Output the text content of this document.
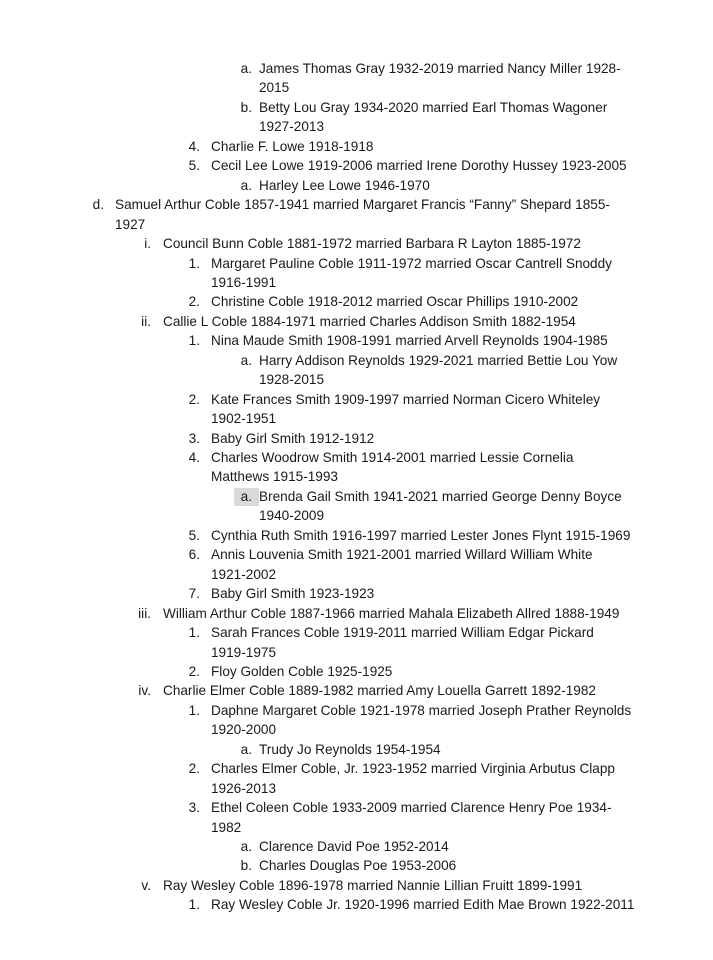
a. James Thomas Gray 1932-2019 married Nancy Miller 1928-
2015
b. Betty Lou Gray 1934-2020 married Earl Thomas Wagoner
1927-2013
4. Charlie F. Lowe 1918-1918
5. Cecil Lee Lowe 1919-2006 married Irene Dorothy Hussey 1923-2005
a. Harley Lee Lowe 1946-1970
d. Samuel Arthur Coble 1857-1941 married Margaret Francis “Fanny” Shepard 1855-
1927
i. Council Bunn Coble 1881-1972 married Barbara R Layton 1885-1972
1. Margaret Pauline Coble 1911-1972 married Oscar Cantrell Snoddy
1916-1991
2. Christine Coble 1918-2012 married Oscar Phillips 1910-2002
ii. Callie L Coble 1884-1971 married Charles Addison Smith 1882-1954
1. Nina Maude Smith 1908-1991 married Arvell Reynolds 1904-1985
a. Harry Addison Reynolds 1929-2021 married Bettie Lou Yow
1928-2015
2. Kate Frances Smith 1909-1997 married Norman Cicero Whiteley
1902-1951
3. Baby Girl Smith 1912-1912
4. Charles Woodrow Smith 1914-2001 married Lessie Cornelia
Matthews 1915-1993
a. Brenda Gail Smith 1941-2021 married George Denny Boyce
1940-2009
5. Cynthia Ruth Smith 1916-1997 married Lester Jones Flynt 1915-1969
6. Annis Louvenia Smith 1921-2001 married Willard William White
1921-2002
7. Baby Girl Smith 1923-1923
iii. William Arthur Coble 1887-1966 married Mahala Elizabeth Allred 1888-1949
1. Sarah Frances Coble 1919-2011 married William Edgar Pickard
1919-1975
2. Floy Golden Coble 1925-1925
iv. Charlie Elmer Coble 1889-1982 married Amy Louella Garrett 1892-1982
1. Daphne Margaret Coble 1921-1978 married Joseph Prather Reynolds
1920-2000
a. Trudy Jo Reynolds 1954-1954
2. Charles Elmer Coble, Jr. 1923-1952 married Virginia Arbutus Clapp
1926-2013
3. Ethel Coleen Coble 1933-2009 married Clarence Henry Poe 1934-
1982
a. Clarence David Poe 1952-2014
b. Charles Douglas Poe 1953-2006
v. Ray Wesley Coble 1896-1978 married Nannie Lillian Fruitt 1899-1991
1. Ray Wesley Coble Jr. 1920-1996 married Edith Mae Brown 1922-2011
